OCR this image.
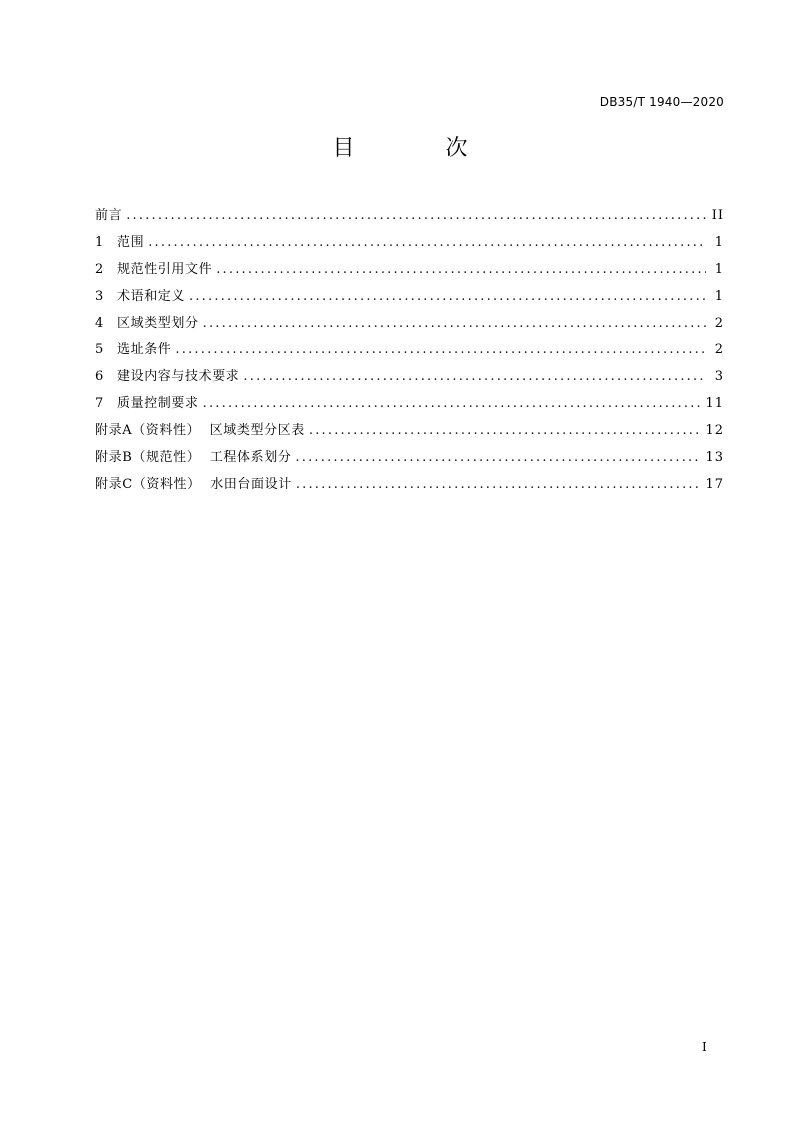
DB35/T 1940—2020
目 次
前言 .....	II
1	范围 .....	1
2	规范性引用文件 .....	1
3	术语和定义 .....	1
4	区域类型划分 .....	2
5	选址条件 .....	2
6	建设内容与技术要求 .....	3
7	质量控制要求 .....	11
附录A（资料性）  区域类型分区表 .....	12
附录B（规范性）  工程体系划分 .....	13
附录C（资料性）  水田台面设计 .....	17
I
